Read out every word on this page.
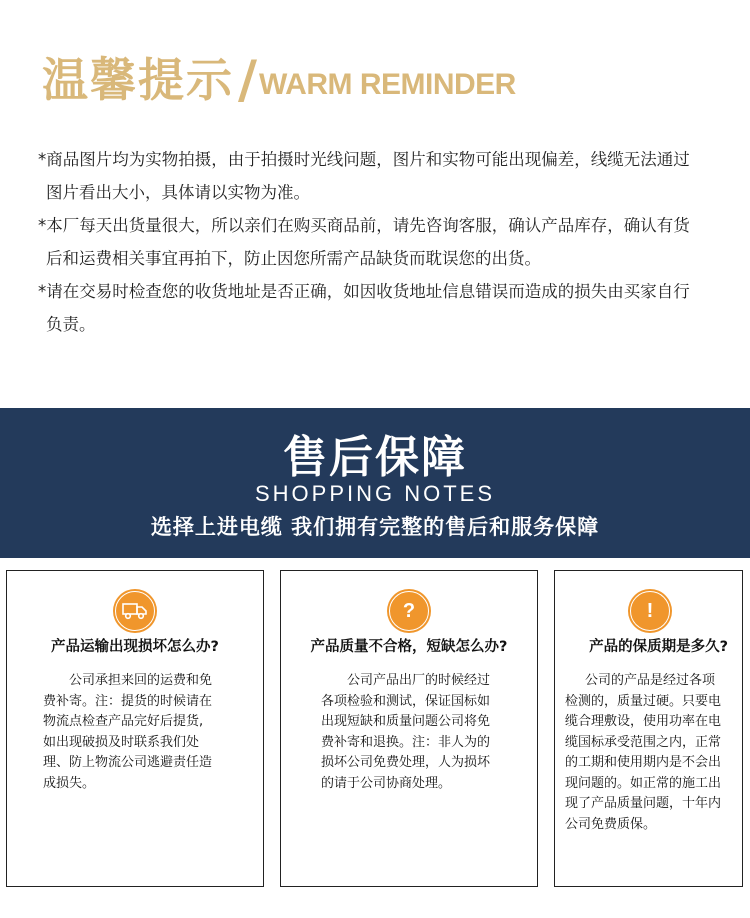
温馨提示 / WARM REMINDER

*商品图片均为实物拍摄，由于拍摄时光线问题，图片和实物可能出现偏差，线缆无法通过
图片看出大小，具体请以实物为准。

*本厂每天出货量很大，所以亲们在购买商品前，请先咨询客服，确认产品库存，确认有货
后和运费相关事宜再拍下，防止因您所需产品缺货而耽误您的出货。

*请在交易时检查您的收货地址是否正确，如因收货地址信息错误而造成的损失由买家自行
负责。

售后保障
SHOPPING NOTES
选择上进电缆 我们拥有完整的售后和服务保障
产品运输出现损坏怎么办?
公司承担来回的运费和免
费补寄。注：提货的时候请在
物流点检查产品完好后提货,
如出现破损及时联系我们处
理、防上物流公司逃避责任造
成损失。
?
产品质量不合格，短缺怎么办?
公司产品出厂的时候经过
各项检验和测试，保证国标如
出现短缺和质量问题公司将免
费补寄和退换。注：非人为的
损坏公司免费处理，人为损坏
的请于公司协商处理。
!
产品的保质期是多久?
公司的产品是经过各项
检测的，质量过硬。只要电
缆合理敷设，使用功率在电
缆国标承受范围之内，正常
的工期和使用期内是不会出
现问题的。如正常的施工出
现了产品质量问题，十年内
公司免费质保。
